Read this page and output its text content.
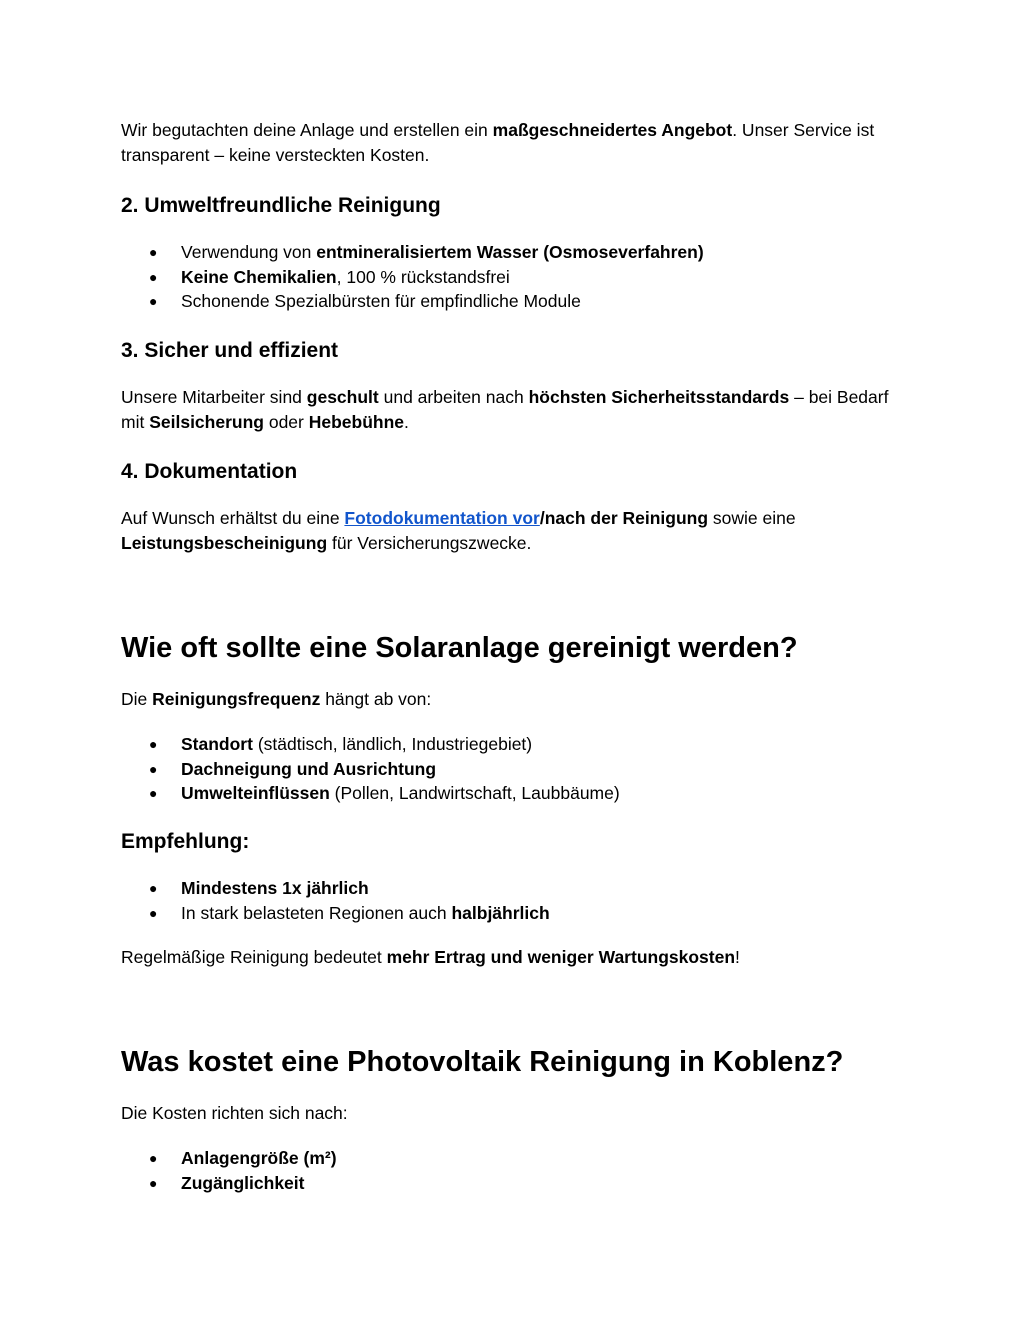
Wir begutachten deine Anlage und erstellen ein maßgeschneidertes Angebot. Unser Service ist transparent – keine versteckten Kosten.

2. Umweltfreundliche Reinigung
● Verwendung von entmineralisiertem Wasser (Osmoseverfahren)
● Keine Chemikalien, 100 % rückstandsfrei
● Schonende Spezialbürsten für empfindliche Module
3. Sicher und effizient

Unsere Mitarbeiter sind geschult und arbeiten nach höchsten Sicherheitsstandards – bei Bedarf mit Seilsicherung oder Hebebühne.

4. Dokumentation

Auf Wunsch erhältst du eine Fotodokumentation vor/nach der Reinigung sowie eine Leistungsbescheinigung für Versicherungszwecke.

Wie oft sollte eine Solaranlage gereinigt werden?

Die Reinigungsfrequenz hängt ab von:

● Standort (städtisch, ländlich, Industriegebiet)
● Dachneigung und Ausrichtung
● Umwelteinflüssen (Pollen, Landwirtschaft, Laubbäume)
Empfehlung:
● Mindestens 1x jährlich
● In stark belasteten Regionen auch halbjährlich

Regelmäßige Reinigung bedeutet mehr Ertrag und weniger Wartungskosten!

Was kostet eine Photovoltaik Reinigung in Koblenz?

Die Kosten richten sich nach:

● Anlagengröße (m²)
● Zugänglichkeit
